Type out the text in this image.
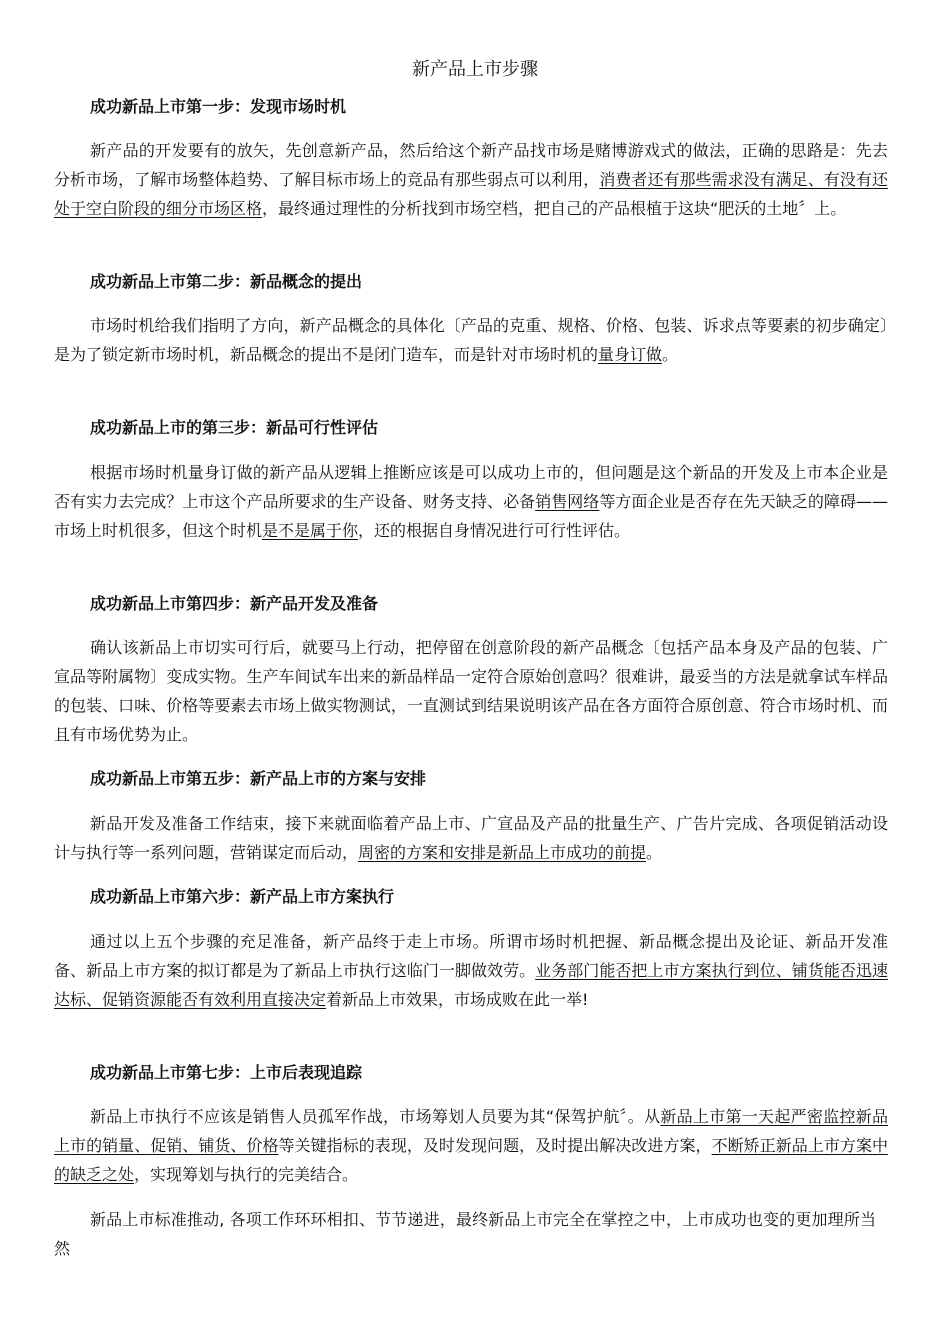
新产品上市步骤
成功新品上市第一步：发现市场时机

新产品的开发要有的放矢，先创意新产品，然后给这个新产品找市场是赌博游戏式的做法，正确的思路是：先去分析市场，了解市场整体趋势、了解目标市场上的竞品有那些弱点可以利用，消费者还有那些需求没有满足、有没有还处于空白阶段的细分市场区格，最终通过理性的分析找到市场空档，把自己的产品根植于这块“肥沃的土地〞上。

成功新品上市第二步：新品概念的提出

市场时机给我们指明了方向，新产品概念的具体化〔产品的克重、规格、价格、包装、诉求点等要素的初步确定〕是为了锁定新市场时机，新品概念的提出不是闭门造车，而是针对市场时机的量身订做。

成功新品上市的第三步：新品可行性评估

根据市场时机量身订做的新产品从逻辑上推断应该是可以成功上市的，但问题是这个新品的开发及上市本企业是否有实力去完成？上市这个产品所要求的生产设备、财务支持、必备销售网络等方面企业是否存在先天缺乏的障碍——市场上时机很多，但这个时机是不是属于你，还的根据自身情况进行可行性评估。

成功新品上市第四步：新产品开发及准备

确认该新品上市切实可行后，就要马上行动，把停留在创意阶段的新产品概念〔包括产品本身及产品的包装、广宣品等附属物〕变成实物。生产车间试车出来的新品样品一定符合原始创意吗？很难讲，最妥当的方法是就拿试车样品的包装、口味、价格等要素去市场上做实物测试，一直测试到结果说明该产品在各方面符合原创意、符合市场时机、而且有市场优势为止。

成功新品上市第五步：新产品上市的方案与安排

新品开发及准备工作结束，接下来就面临着产品上市、广宣品及产品的批量生产、广告片完成、各项促销活动设计与执行等一系列问题，营销谋定而后动，周密的方案和安排是新品上市成功的前提。

成功新品上市第六步：新产品上市方案执行

通过以上五个步骤的充足准备，新产品终于走上市场。所谓市场时机把握、新品概念提出及论证、新品开发准备、新品上市方案的拟订都是为了新品上市执行这临门一脚做效劳。业务部门能否把上市方案执行到位、铺货能否迅速达标、促销资源能否有效利用直接决定着新品上市效果，市场成败在此一举!

成功新品上市第七步：上市后表现追踪

新品上市执行不应该是销售人员孤军作战，市场筹划人员要为其“保驾护航〞。从新品上市第一天起严密监控新品上市的销量、促销、铺货、价格等关键指标的表现，及时发现问题，及时提出解决改进方案，不断矫正新品上市方案中的缺乏之处，实现筹划与执行的完美结合。

新品上市标准推动, 各项工作环环相扣、节节递进，最终新品上市完全在掌控之中，上市成功也变的更加理所当然
